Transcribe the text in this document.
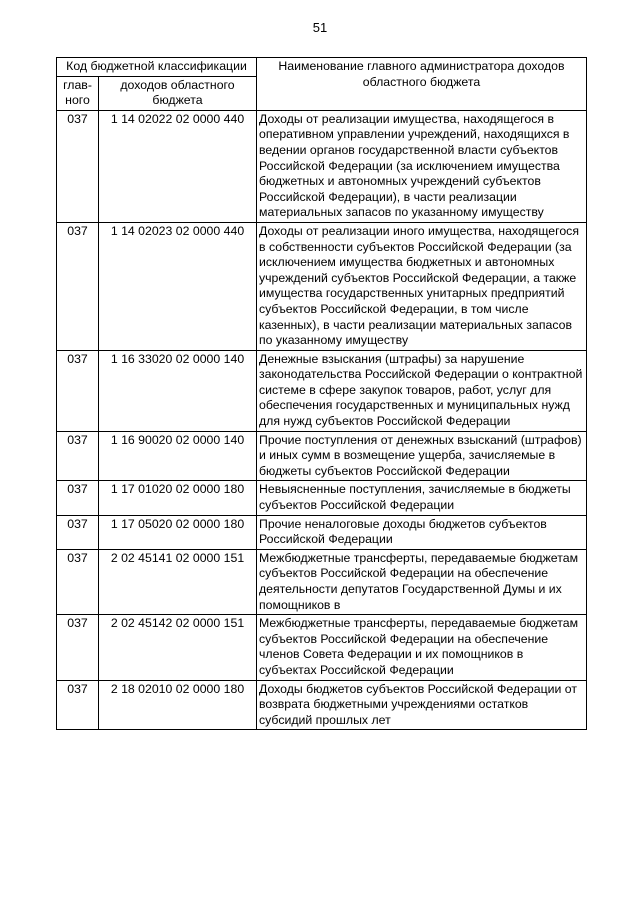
51
Код бюджетной классификации		Наименование главного администратора доходов областного бюджета
глав-
ного	доходов областного бюджета	
037	1 14 02022 02 0000 440	Доходы от реализации имущества, находящегося в оперативном управлении учреждений, находящихся в ведении органов государственной власти субъектов Российской Федерации (за исключением имущества бюджетных и автономных учреждений субъектов Российской Федерации), в части реализации материальных запасов по указанному имуществу
037	1 14 02023 02 0000 440	Доходы от реализации иного имущества, находящегося в собственности субъектов Российской Федерации (за исключением имущества бюджетных и автономных учреждений субъектов Российской Федерации, а также имущества государственных унитарных предприятий субъектов Российской Федерации, в том числе казенных), в части реализации материальных запасов по указанному имуществу
037	1 16 33020 02 0000 140	Денежные взыскания (штрафы) за нарушение законодательства Российской Федерации о контрактной системе в сфере закупок товаров, работ, услуг для обеспечения государственных и муниципальных нужд для нужд субъектов Российской Федерации
037	1 16 90020 02 0000 140	Прочие поступления от денежных взысканий (штрафов) и иных сумм в возмещение ущерба, зачисляемые в бюджеты субъектов Российской Федерации
037	1 17 01020 02 0000 180	Невыясненные поступления, зачисляемые в бюджеты субъектов Российской Федерации
037	1 17 05020 02 0000 180	Прочие неналоговые доходы бюджетов субъектов Российской Федерации
037	2 02 45141 02 0000 151	Межбюджетные трансферты, передаваемые бюджетам субъектов Российской Федерации на обеспечение деятельности депутатов Государственной Думы и их помощников в
037	2 02 45142 02 0000 151	Межбюджетные трансферты, передаваемые бюджетам субъектов Российской Федерации на обеспечение членов Совета Федерации и их помощников в субъектах Российской Федерации
037	2 18 02010 02 0000 180	Доходы бюджетов субъектов Российской Федерации от возврата бюджетными учреждениями остатков субсидий прошлых лет
